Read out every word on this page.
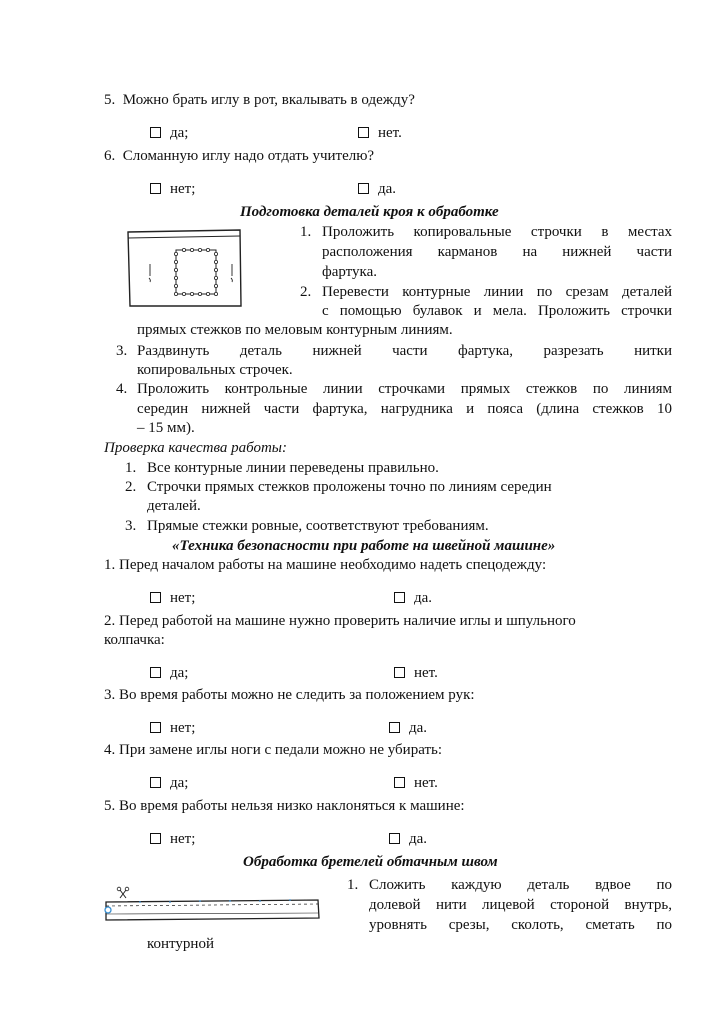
5. Можно брать иглу в рот, вкалывать в одежду?
да;	нет.
6. Сломанную иглу надо отдать учителю?
нет;	да.
Подготовка деталей кроя к обработке
1. Проложить копировальные строчки в местах
расположения карманов на нижней части
фартука.
2. Перевести контурные линии по срезам деталей
с помощью булавок и мела. Проложить строчки
прямых стежков по меловым контурным линиям.
3. Раздвинуть деталь нижней части фартука, разрезать нитки
копировальных строчек.
4. Проложить контрольные линии строчками прямых стежков по линиям
середин нижней части фартука, нагрудника и пояса (длина стежков 10
– 15 мм).
Проверка качества работы:
1. Все контурные линии переведены правильно.
2. Строчки прямых стежков проложены точно по линиям середин
деталей.
3. Прямые стежки ровные, соответствуют требованиям.
«Техника безопасности при работе на швейной машине»
1. Перед началом работы на машине необходимо надеть спецодежду:
нет;	да.
2. Перед работой на машине нужно проверить наличие иглы и шпульного
колпачка:
да;	нет.
3. Во время работы можно не следить за положением рук:
нет;	да.
4. При замене иглы ноги с педали можно не убирать:
да;	нет.
5. Во время работы нельзя низко наклоняться к машине:
нет;	да.
Обработка бретелей обтачным швом
1. Сложить каждую деталь вдвое по
долевой нити лицевой стороной внутрь,
уровнять срезы, сколоть, сметать по
контурной
